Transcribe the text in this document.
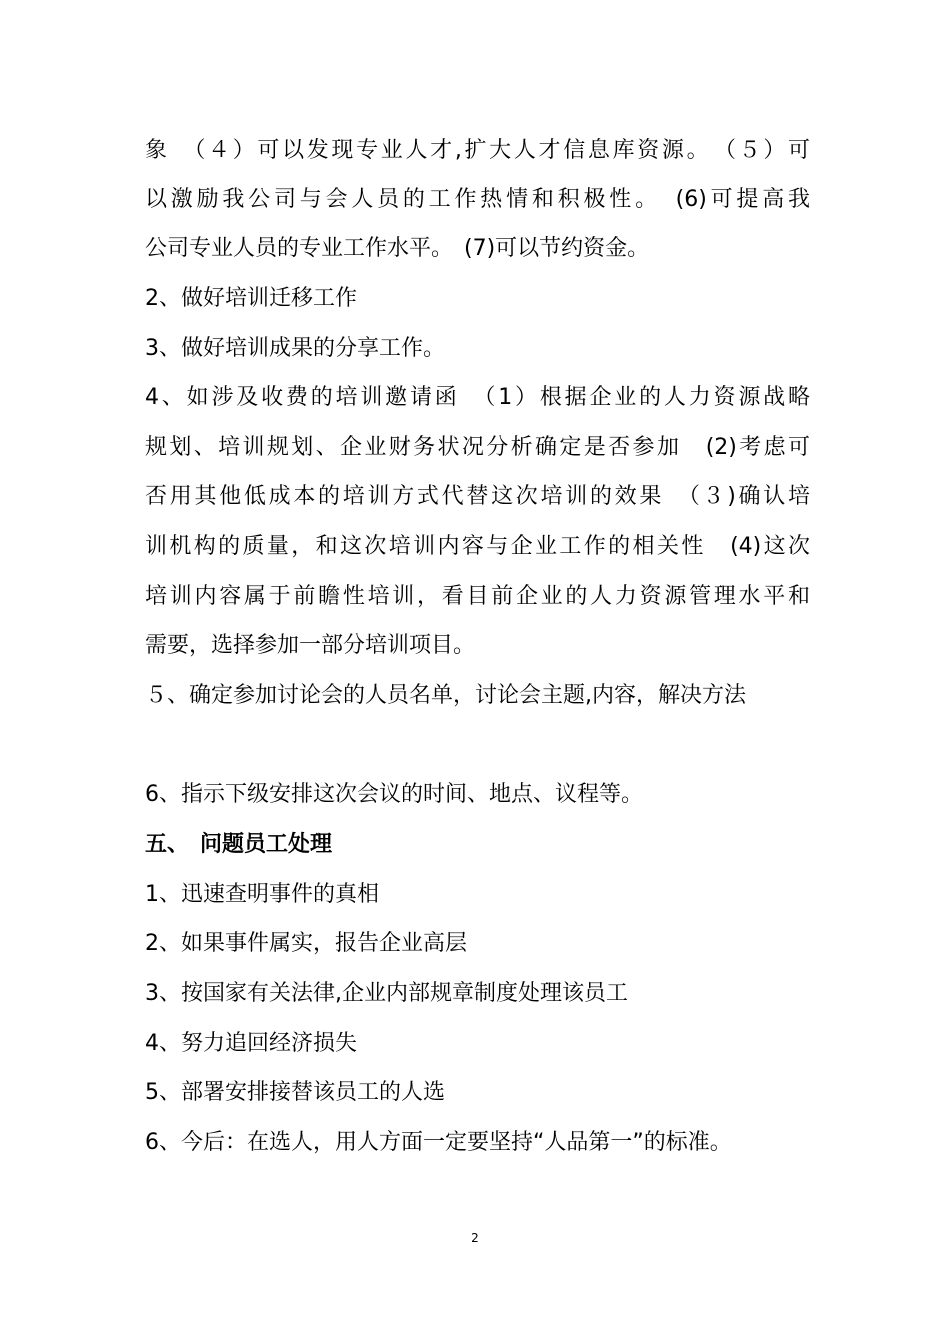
象　（４）可以发现专业人才,扩大人才信息库资源。　（５）可
以激励我公司与会人员的工作热情和积极性。　(6)可提高我
公司专业人员的专业工作水平。　(7)可以节约资金。
2、做好培训迁移工作
3、做好培训成果的分享工作。
4、如涉及收费的培训邀请函　（1）根据企业的人力资源战略
规划、培训规划、企业财务状况分析确定是否参加　(2)考虑可
否用其他低成本的培训方式代替这次培训的效果　（３)确认培
训机构的质量，和这次培训内容与企业工作的相关性　(4)这次
培训内容属于前瞻性培训，看目前企业的人力资源管理水平和
需要，选择参加一部分培训项目。
５、确定参加讨论会的人员名单，讨论会主题,内容，解决方法
6、指示下级安排这次会议的时间、地点、议程等。
五、　问题员工处理
1、迅速查明事件的真相
2、如果事件属实，报告企业高层
3、按国家有关法律,企业内部规章制度处理该员工
4、努力追回经济损失
5、部署安排接替该员工的人选
6、今后：在选人，用人方面一定要坚持“人品第一”的标准。
2
